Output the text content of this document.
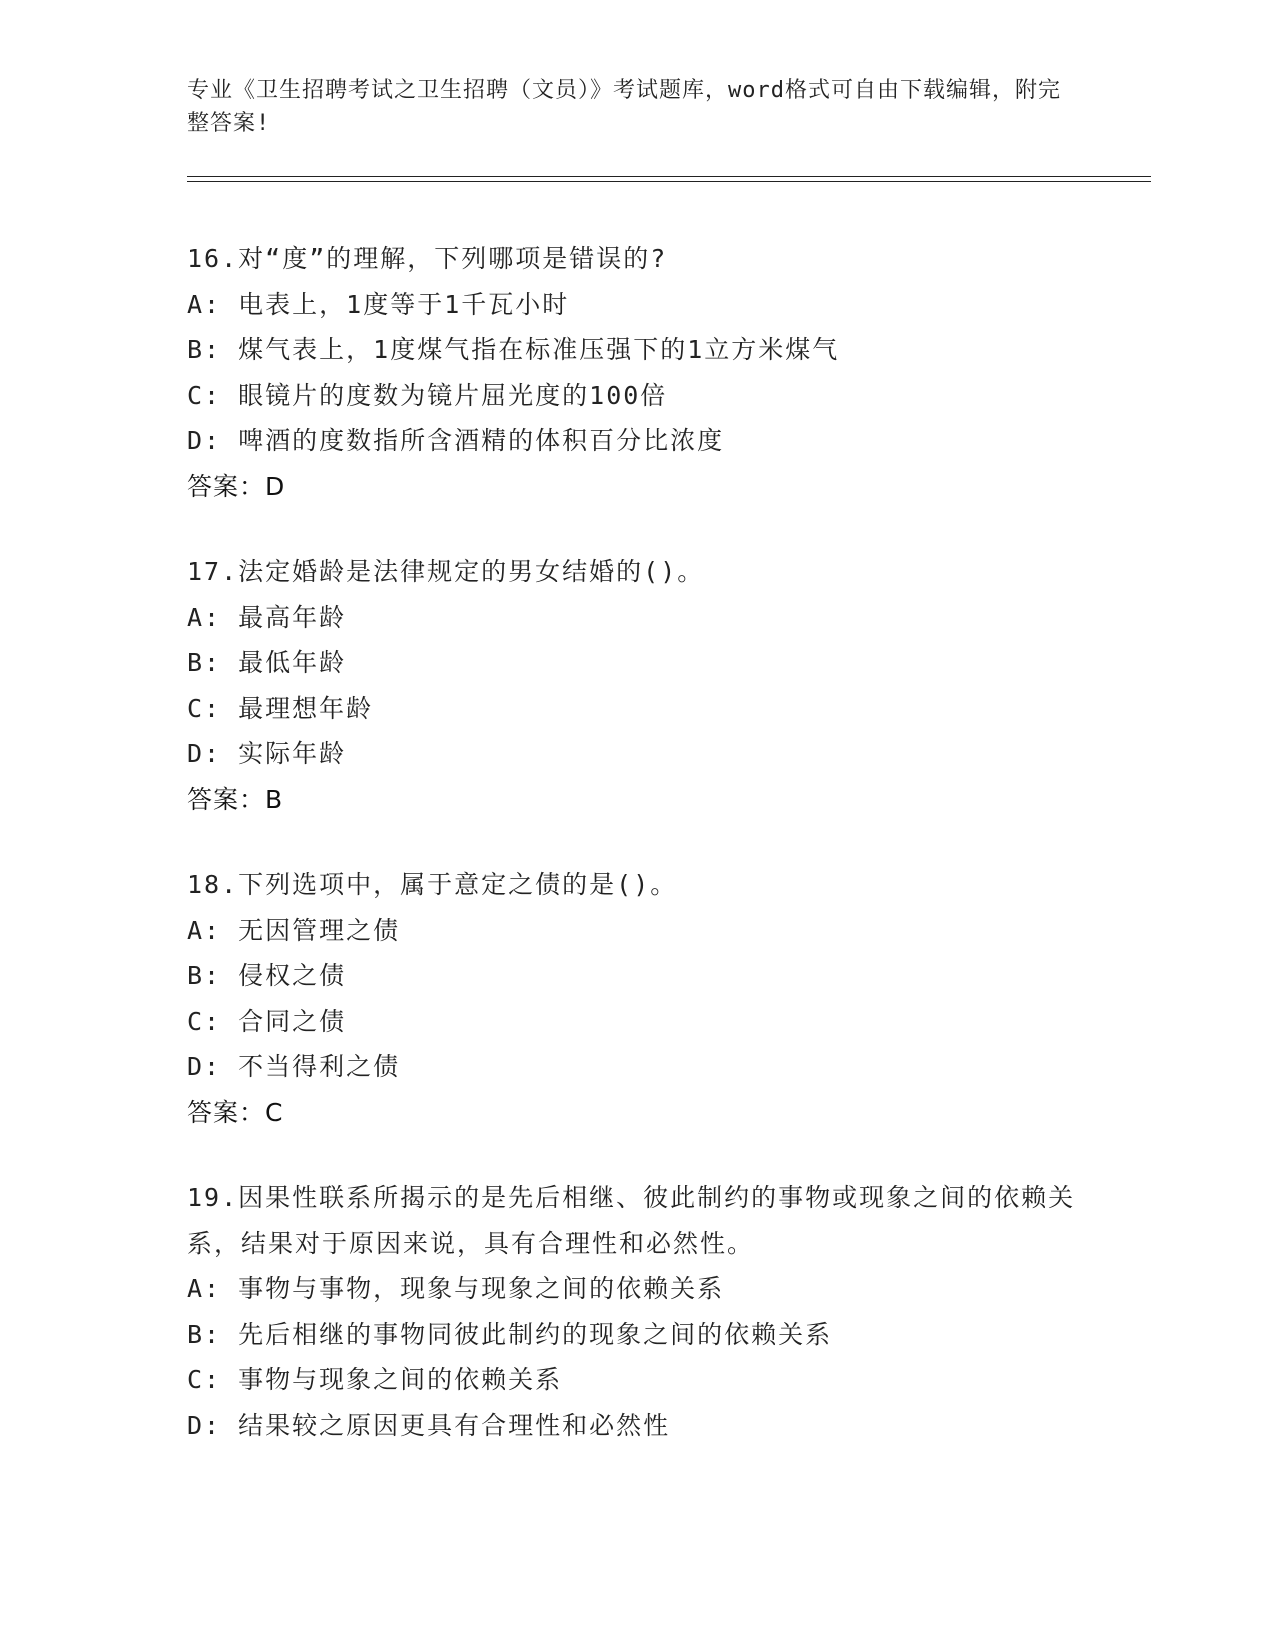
专业《卫生招聘考试之卫生招聘（文员）》考试题库，word格式可自由下载编辑，附完整答案!
16.对“度”的理解，下列哪项是错误的?
A: 电表上，1度等于1千瓦小时
B: 煤气表上，1度煤气指在标准压强下的1立方米煤气
C: 眼镜片的度数为镜片屈光度的100倍
D: 啤酒的度数指所含酒精的体积百分比浓度
答案：D
17.法定婚龄是法律规定的男女结婚的()。
A: 最高年龄
B: 最低年龄
C: 最理想年龄
D: 实际年龄
答案：B
18.下列选项中，属于意定之债的是()。
A: 无因管理之债
B: 侵权之债
C: 合同之债
D: 不当得利之债
答案：C
19.因果性联系所揭示的是先后相继、彼此制约的事物或现象之间的依赖关系，结果对于原因来说，具有合理性和必然性。
A: 事物与事物，现象与现象之间的依赖关系
B: 先后相继的事物同彼此制约的现象之间的依赖关系
C: 事物与现象之间的依赖关系
D: 结果较之原因更具有合理性和必然性
